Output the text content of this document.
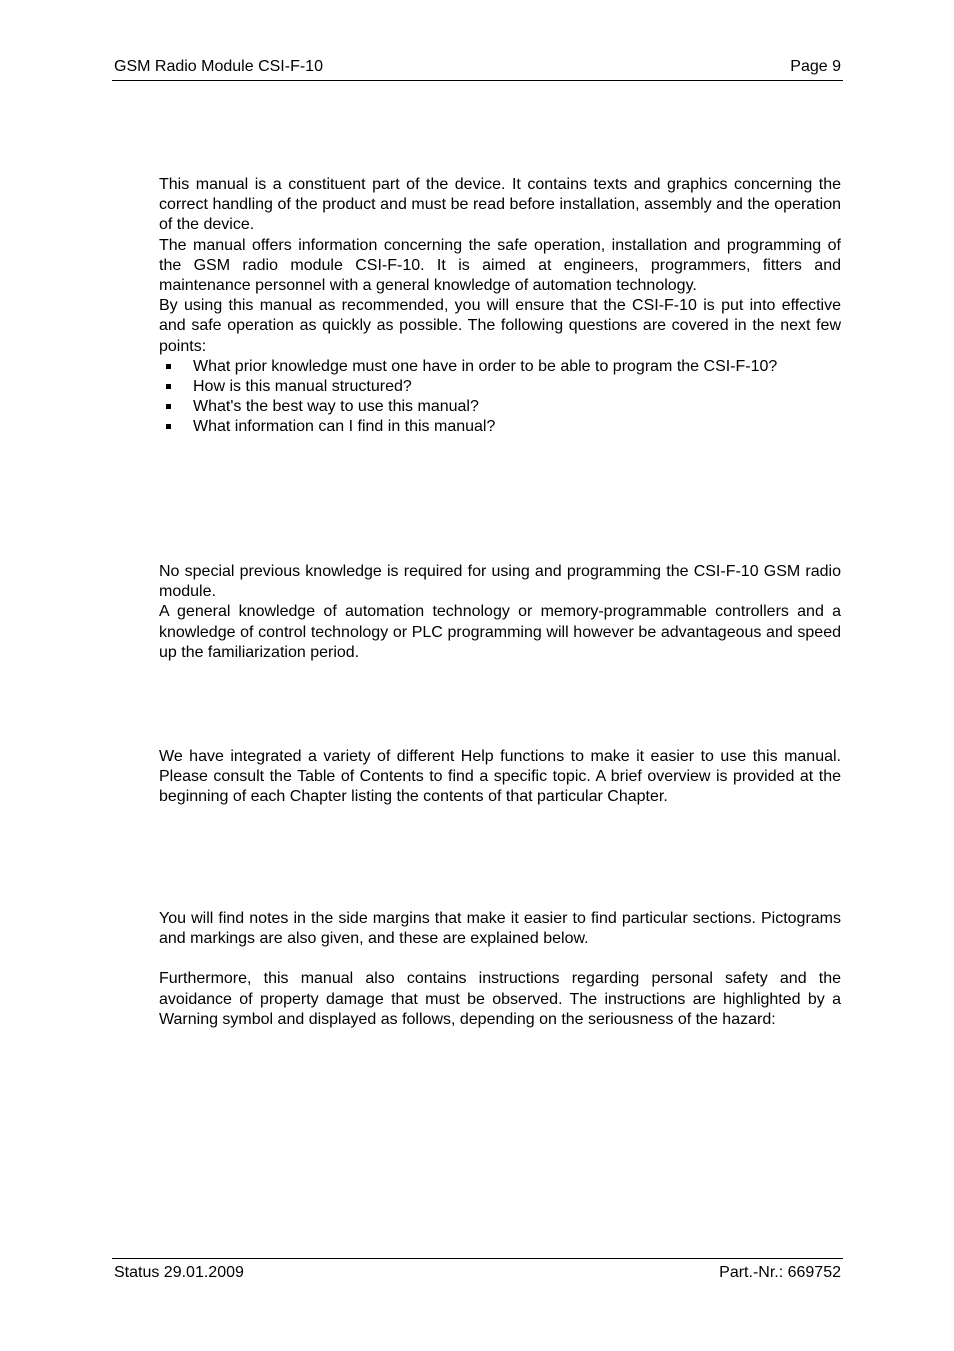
GSM Radio Module CSI-F-10	Page 9

This manual is a constituent part of the device. It contains texts and graphics concerning the correct handling of the product and must be read before installation, assembly and the operation of the device.

The manual offers information concerning the safe operation, installation and programming of the GSM radio module CSI-F-10. It is aimed at engineers, programmers, fitters and maintenance personnel with a general knowledge of automation technology.

By using this manual as recommended, you will ensure that the CSI-F-10 is put into effective and safe operation as quickly as possible. The following questions are covered in the next few points:

What prior knowledge must one have in order to be able to program the CSI-F-10?
How is this manual structured?
What's the best way to use this manual?
What information can I find in this manual?

No special previous knowledge is required for using and programming the CSI-F-10 GSM radio module.

A general knowledge of automation technology or memory-programmable controllers and a knowledge of control technology or PLC programming will however be advantageous and speed up the familiarization period.

We have integrated a variety of different Help functions to make it easier to use this manual. Please consult the Table of Contents to find a specific topic. A brief overview is provided at the beginning of each Chapter listing the contents of that particular Chapter.

You will find notes in the side margins that make it easier to find particular sections. Pictograms and markings are also given, and these are explained below.

Furthermore, this manual also contains instructions regarding personal safety and the avoidance of property damage that must be observed. The instructions are highlighted by a Warning symbol and displayed as follows, depending on the seriousness of the hazard:

Status 29.01.2009	Part.-Nr.: 669752
